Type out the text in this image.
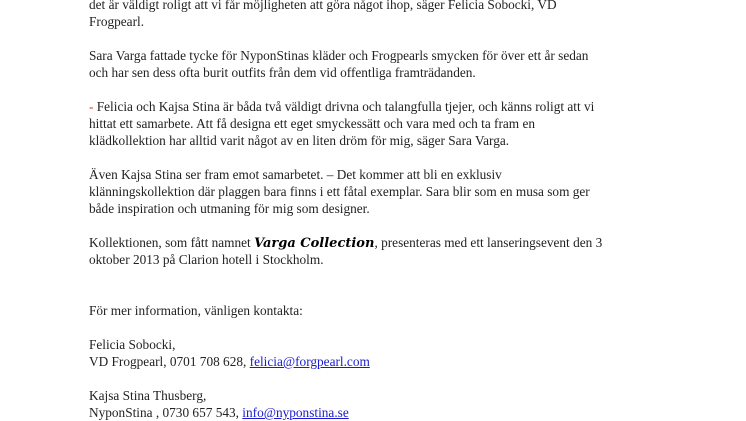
det är väldigt roligt att vi får möjligheten att göra något ihop, säger Felicia Sobocki, VD
Frogpearl.
Sara Varga fattade tycke för NyponStinas kläder och Frogpearls smycken för över ett år sedan
och har sen dess ofta burit outfits från dem vid offentliga framträdanden.
- Felicia och Kajsa Stina är båda två väldigt drivna och talangfulla tjejer, och känns roligt att vi
hittat ett samarbete. Att få designa ett eget smyckessätt och vara med och ta fram en
klädkollektion har alltid varit något av en liten dröm för mig, säger Sara Varga.
Även Kajsa Stina ser fram emot samarbetet. – Det kommer att bli en exklusiv
klänningskollektion där plaggen bara finns i ett fåtal exemplar. Sara blir som en musa som ger
både inspiration och utmaning för mig som designer.
Kollektionen, som fått namnet Varga Collection, presenteras med ett lanseringsevent den 3
oktober 2013 på Clarion hotell i Stockholm.
För mer information, vänligen kontakta:
Felicia Sobocki,
VD Frogpearl, 0701 708 628, felicia@forgpearl.com
Kajsa Stina Thusberg,
NyponStina , 0730 657 543, info@nyponstina.se
